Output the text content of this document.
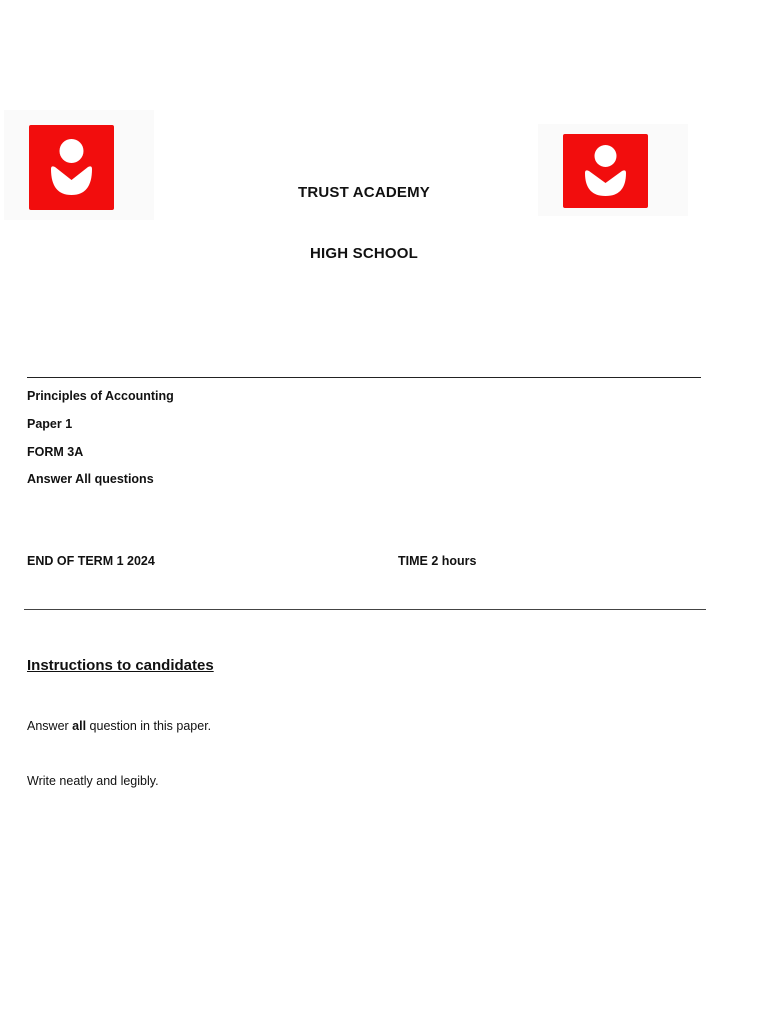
TRUST ACADEMY
HIGH SCHOOL
Principles of Accounting
Paper 1
FORM 3A
Answer All questions
END OF TERM 1 2024	TIME 2 hours
Instructions to candidates
Answer all question in this paper.
Write neatly and legibly.
